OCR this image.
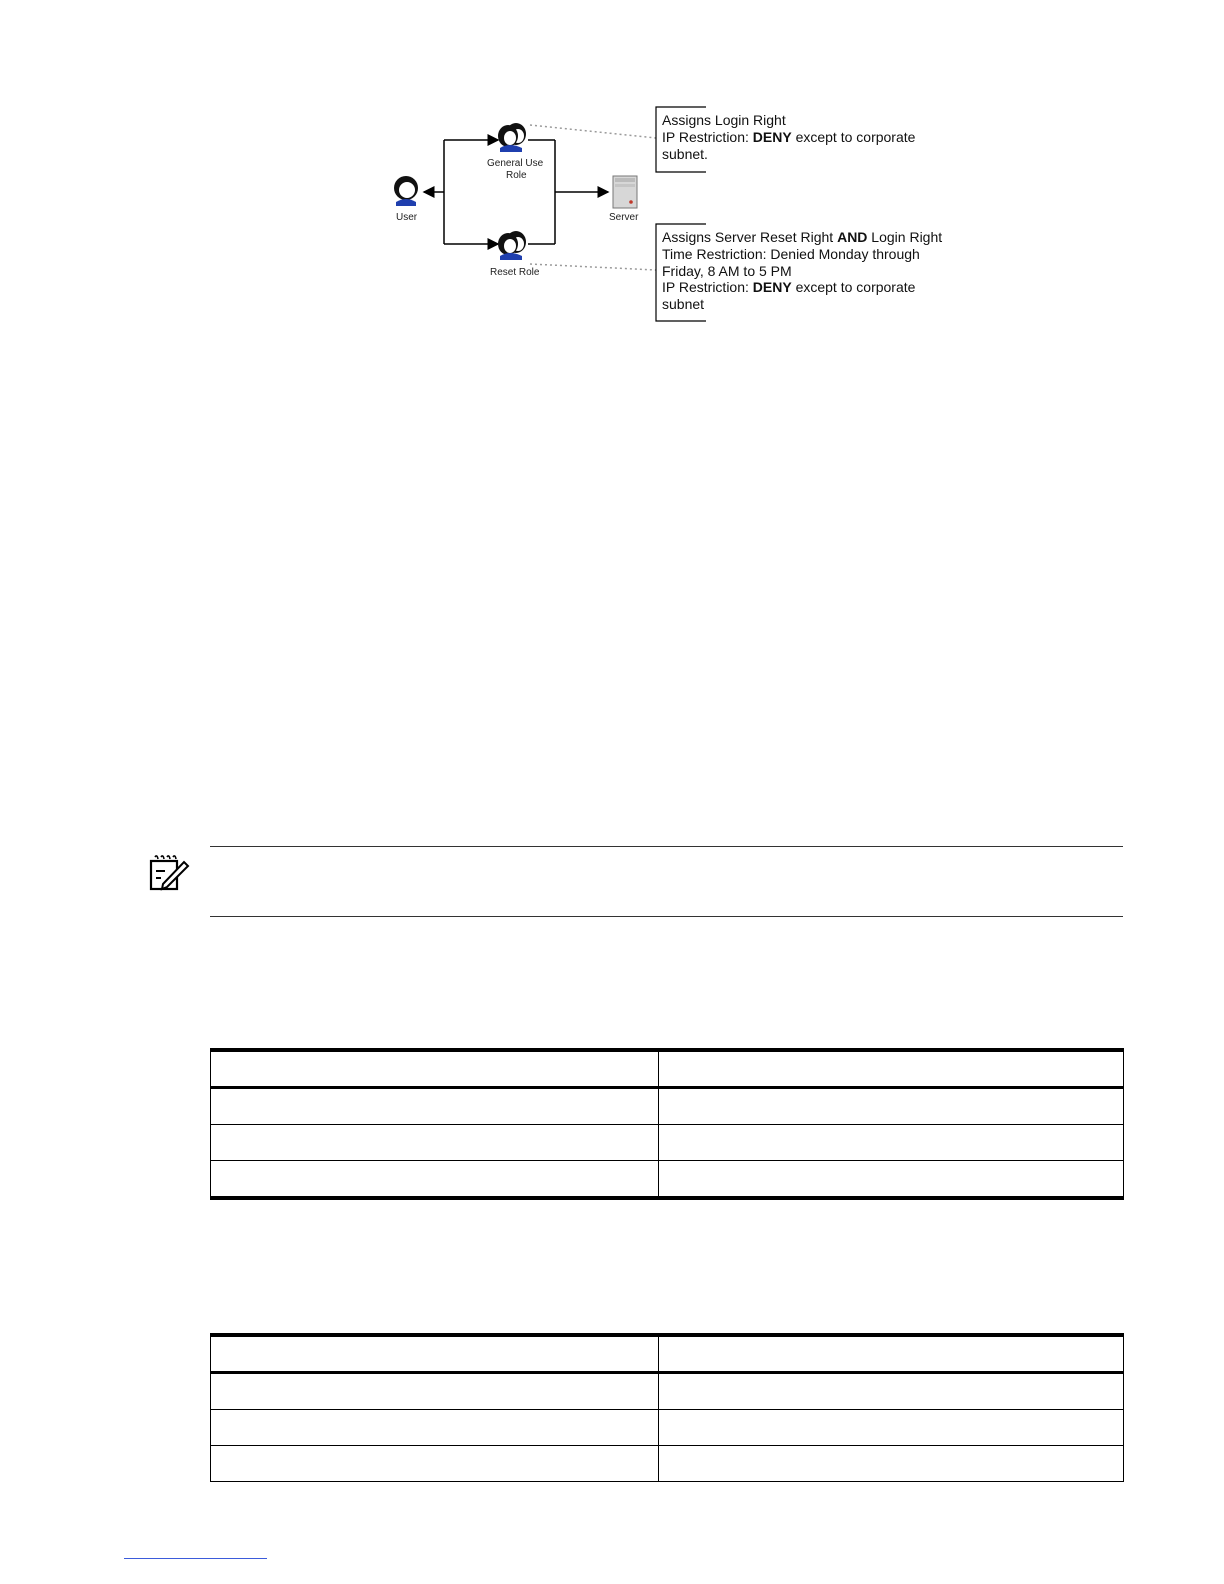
User
General Use
Role
Reset Role
Server
Assigns Login Right
IP Restriction: DENY except to corporate
subnet.
Assigns Server Reset Right AND Login Right
Time Restriction: Denied Monday through
Friday, 8 AM to 5 PM
IP Restriction: DENY except to corporate
subnet
